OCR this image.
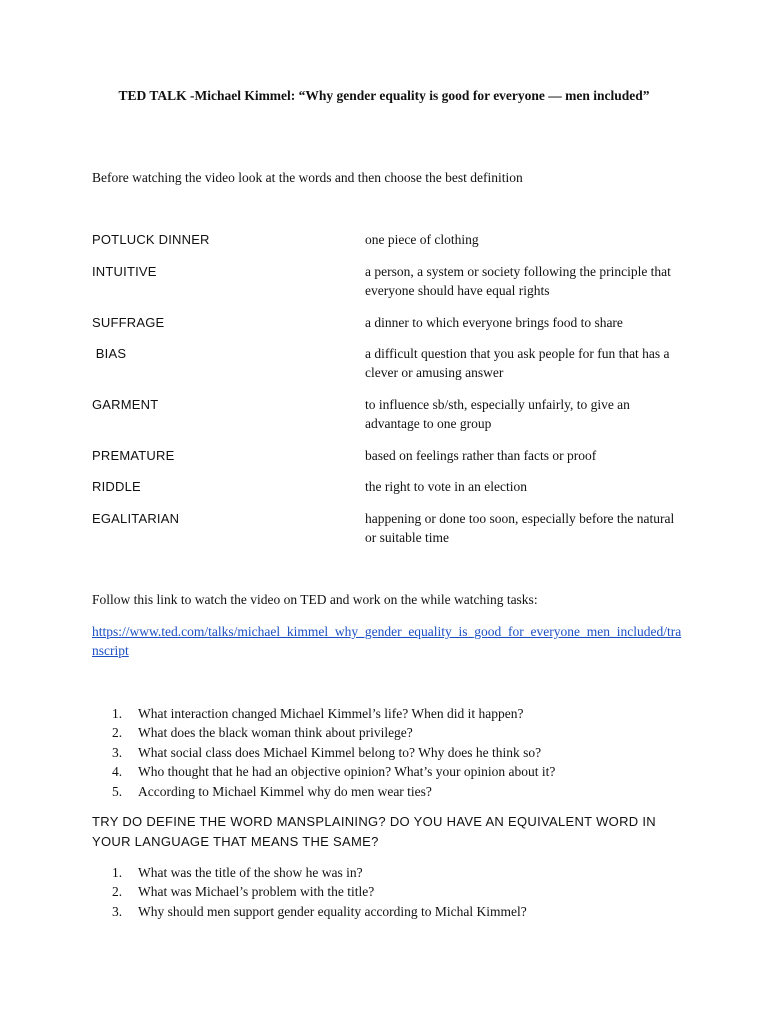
TED TALK -Michael Kimmel: “Why gender equality is good for everyone — men included”
Before watching the video look at the words and then choose the best definition
POTLUCK DINNER	one piece of clothing
INTUITIVE	a person, a system or society following the principle that everyone should have equal rights
SUFFRAGE	a dinner to which everyone brings food to share
BIAS	a difficult question that you ask people for fun that has a clever or amusing answer
GARMENT	to influence sb/sth, especially unfairly, to give an advantage to one group
PREMATURE	based on feelings rather than facts or proof
RIDDLE	the right to vote in an election
EGALITARIAN	happening or done too soon, especially before the natural or suitable time
Follow this link to watch the video on TED and work on the while watching tasks:
https://www.ted.com/talks/michael_kimmel_why_gender_equality_is_good_for_everyone_men_included/transcript
1. What interaction changed Michael Kimmel’s life? When did it happen?
2. What does the black woman think about privilege?
3. What social class does Michael Kimmel belong to? Why does he think so?
4. Who thought that he had an objective opinion? What’s your opinion about it?
5. According to Michael Kimmel why do men wear ties?
TRY DO DEFINE THE WORD MANSPLAINING? DO YOU HAVE AN EQUIVALENT WORD IN YOUR LANGUAGE THAT MEANS THE SAME?
1. What was the title of the show he was in?
2. What was Michael’s problem with the title?
3. Why should men support gender equality according to Michal Kimmel?
